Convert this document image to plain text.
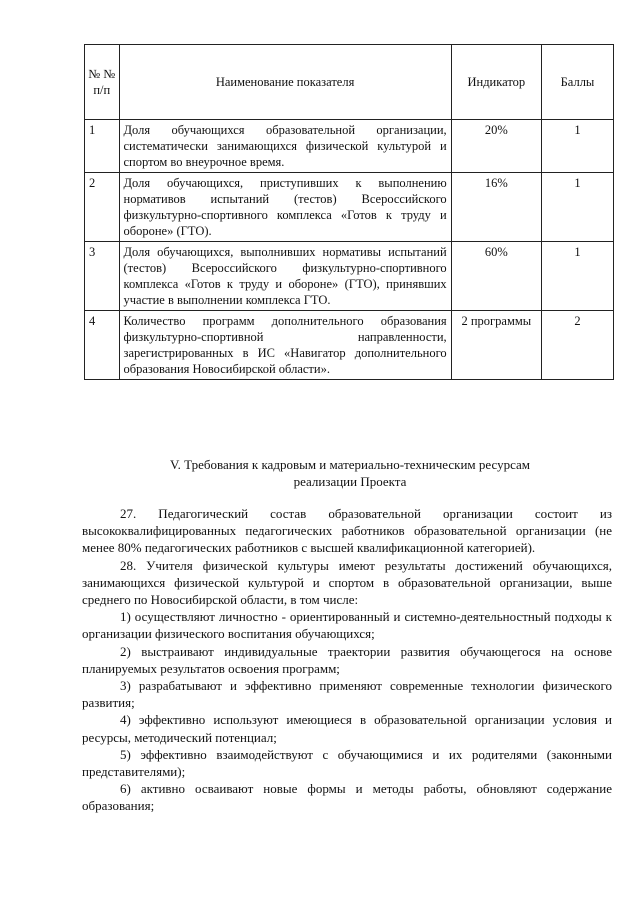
№ № п/п	Наименование показателя	Индикатор	Баллы
1	Доля обучающихся образовательной организации, систематически занимающихся физической культурой и спортом во внеурочное время.	20%	1
2	Доля обучающихся, приступивших к выполнению нормативов испытаний (тестов) Всероссийского физкультурно-спортивного комплекса «Готов к труду и обороне» (ГТО).	16%	1
3	Доля обучающихся, выполнивших нормативы испытаний (тестов) Всероссийского физкультурно-спортивного комплекса «Готов к труду и обороне» (ГТО), принявших участие в выполнении комплекса ГТО.	60%	1
4	Количество программ дополнительного образования физкультурно-спортивной направленности, зарегистрированных в ИС «Навигатор дополнительного образования Новосибирской области».	2 программы	2
V. Требования к кадровым и материально-техническим ресурсам
реализации Проекта

27. Педагогический состав образовательной организации состоит из высококвалифицированных педагогических работников образовательной организации (не менее 80% педагогических работников с высшей квалификационной категорией).

28. Учителя физической культуры имеют результаты достижений обучающихся, занимающихся физической культурой и спортом в образовательной организации, выше среднего по Новосибирской области, в том числе:

1) осуществляют личностно - ориентированный и системно-деятельностный подходы к организации физического воспитания обучающихся;

2) выстраивают индивидуальные траектории развития обучающегося на основе планируемых результатов освоения программ;

3) разрабатывают и эффективно применяют современные технологии физического развития;

4) эффективно используют имеющиеся в образовательной организации условия и ресурсы, методический потенциал;

5) эффективно взаимодействуют с обучающимися и их родителями (законными представителями);

6) активно осваивают новые формы и методы работы, обновляют содержание образования;
